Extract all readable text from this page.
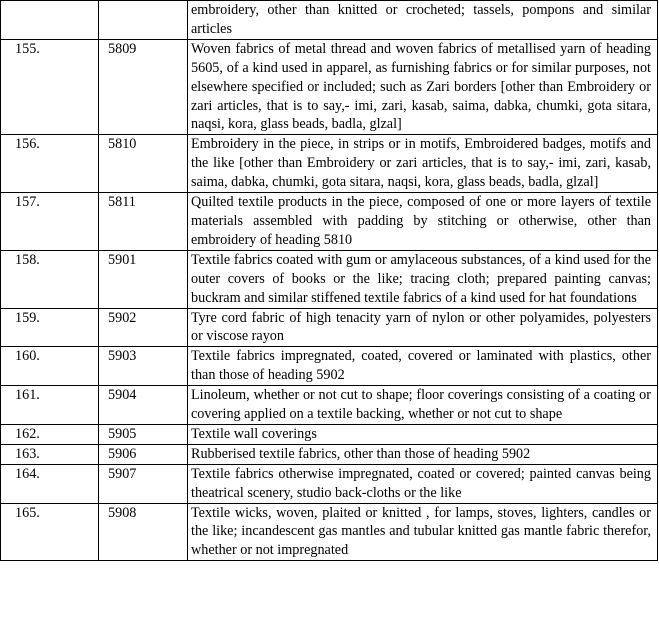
		embroidery, other than knitted or crocheted; tassels, pompons and similar articles
155.	5809	Woven fabrics of metal thread and woven fabrics of metallised yarn of heading 5605, of a kind used in apparel, as furnishing fabrics or for similar purposes, not elsewhere specified or included; such as Zari borders [other than Embroidery or zari articles, that is to say,- imi, zari, kasab, saima, dabka, chumki, gota sitara, naqsi, kora, glass beads, badla, glzal]
156.	5810	Embroidery in the piece, in strips or in motifs, Embroidered badges, motifs and the like [other than Embroidery or zari articles, that is to say,- imi, zari, kasab, saima, dabka, chumki, gota sitara, naqsi, kora, glass beads, badla, glzal]
157.	5811	Quilted textile products in the piece, composed of one or more layers of textile materials assembled with padding by stitching or otherwise, other than embroidery of heading 5810
158.	5901	Textile fabrics coated with gum or amylaceous substances, of a kind used for the outer covers of books or the like; tracing cloth; prepared painting canvas; buckram and similar stiffened textile fabrics of a kind used for hat foundations
159.	5902	Tyre cord fabric of high tenacity yarn of nylon or other polyamides, polyesters or viscose rayon
160.	5903	Textile fabrics impregnated, coated, covered or laminated with plastics, other than those of heading 5902
161.	5904	Linoleum, whether or not cut to shape; floor coverings consisting of a coating or covering applied on a textile backing, whether or not cut to shape
162.	5905	Textile wall coverings
163.	5906	Rubberised textile fabrics, other than those of heading 5902
164.	5907	Textile fabrics otherwise impregnated, coated or covered; painted canvas being theatrical scenery, studio back-cloths or the like
165.	5908	Textile wicks, woven, plaited or knitted , for lamps, stoves, lighters, candles or the like; incandescent gas mantles and tubular knitted gas mantle fabric therefor, whether or not impregnated
